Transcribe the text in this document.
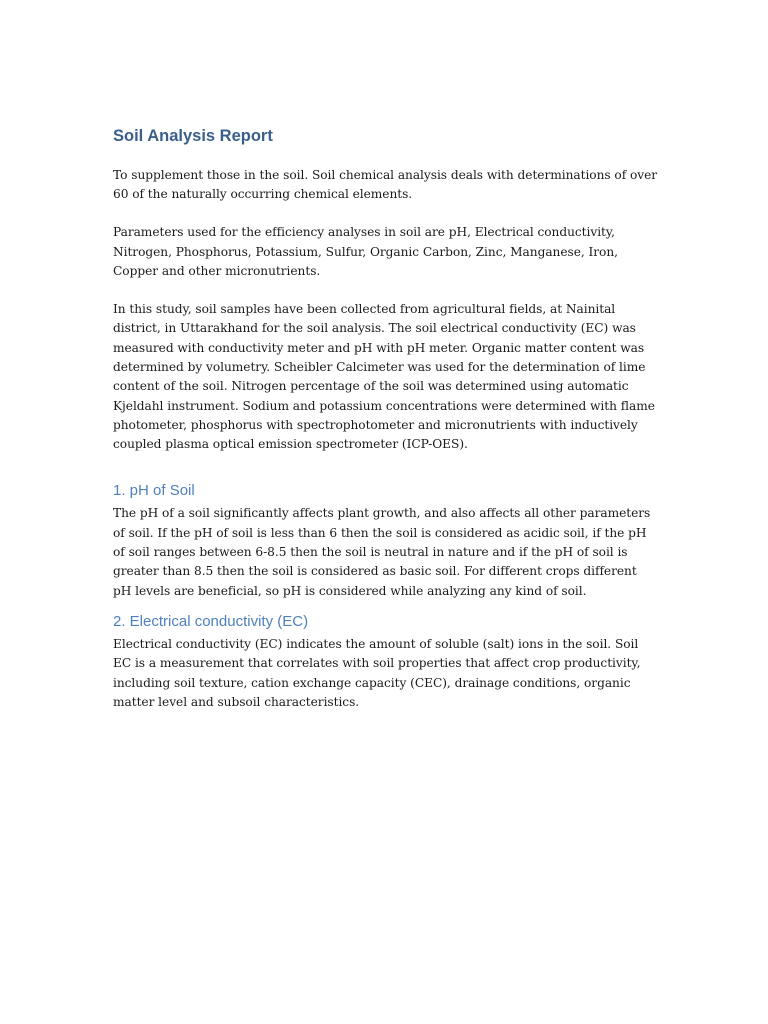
Soil Analysis Report

To supplement those in the soil. Soil chemical analysis deals with determinations of over 60 of the naturally occurring chemical elements.

Parameters used for the efficiency analyses in soil are pH, Electrical conductivity, Nitrogen, Phosphorus, Potassium, Sulfur, Organic Carbon, Zinc, Manganese, Iron, Copper and other micronutrients.

In this study, soil samples have been collected from agricultural fields, at Nainital district, in Uttarakhand for the soil analysis. The soil electrical conductivity (EC) was measured with conductivity meter and pH with pH meter. Organic matter content was determined by volumetry. Scheibler Calcimeter was used for the determination of lime content of the soil. Nitrogen percentage of the soil was determined using automatic Kjeldahl instrument. Sodium and potassium concentrations were determined with flame photometer, phosphorus with spectrophotometer and micronutrients with inductively coupled plasma optical emission spectrometer (ICP-OES).

1. pH of Soil

The pH of a soil significantly affects plant growth, and also affects all other parameters of soil. If the pH of soil is less than 6 then the soil is considered as acidic soil, if the pH of soil ranges between 6-8.5 then the soil is neutral in nature and if the pH of soil is greater than 8.5 then the soil is considered as basic soil. For different crops different pH levels are beneficial, so pH is considered while analyzing any kind of soil.

2. Electrical conductivity (EC)

Electrical conductivity (EC) indicates the amount of soluble (salt) ions in the soil. Soil EC is a measurement that correlates with soil properties that affect crop productivity, including soil texture, cation exchange capacity (CEC), drainage conditions, organic matter level and subsoil characteristics.
